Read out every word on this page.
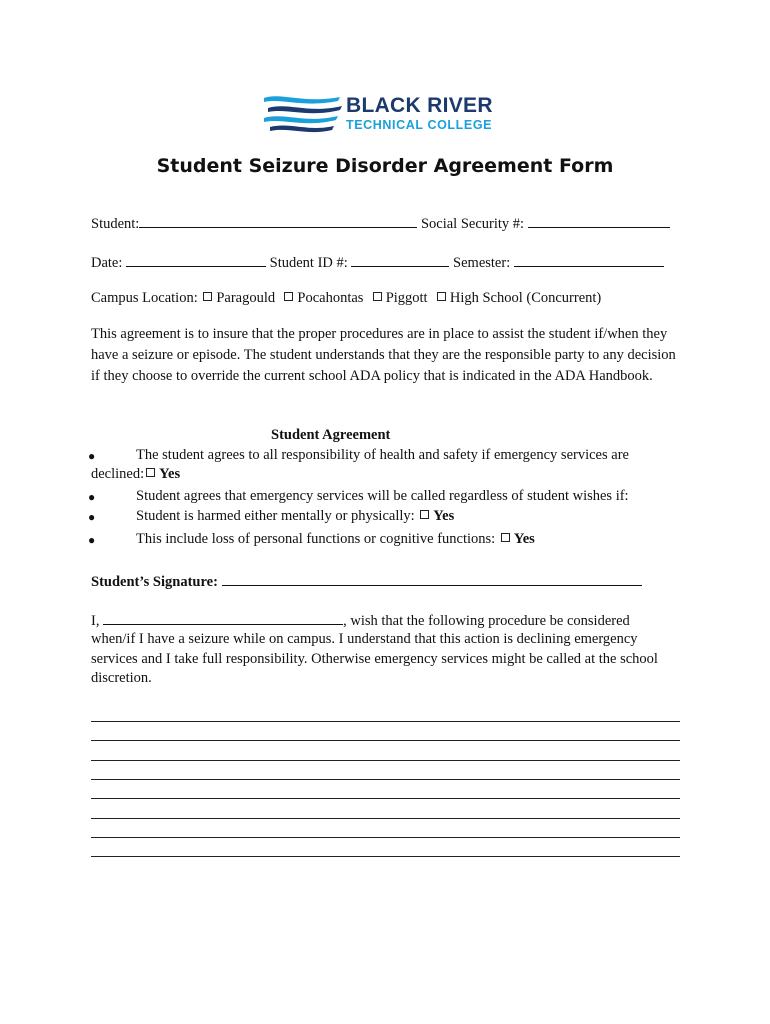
BLACK RIVER
TECHNICAL COLLEGE
Student Seizure Disorder Agreement Form
Student:	Social Security #:
Date:	Student ID #:	Semester:
Campus Location: Paragould Pocahontas Piggott High School (Concurrent)
This agreement is to insure that the proper procedures are in place to assist the student if/when they have a seizure or episode. The student understands that they are the responsible party to any decision if they choose to override the current school ADA policy that is indicated in the ADA Handbook.
Student Agreement
●	The student agrees to all responsibility of health and safety if emergency services are
declined: Yes
●	Student agrees that emergency services will be called regardless of student wishes if:
●	Student is harmed either mentally or physically: Yes
●	This include loss of personal functions or cognitive functions: Yes
Student’s Signature:
I,	, wish that the following procedure be considered
when/if I have a seizure while on campus. I understand that this action is declining emergency services and I take full responsibility. Otherwise emergency services might be called at the school discretion.
